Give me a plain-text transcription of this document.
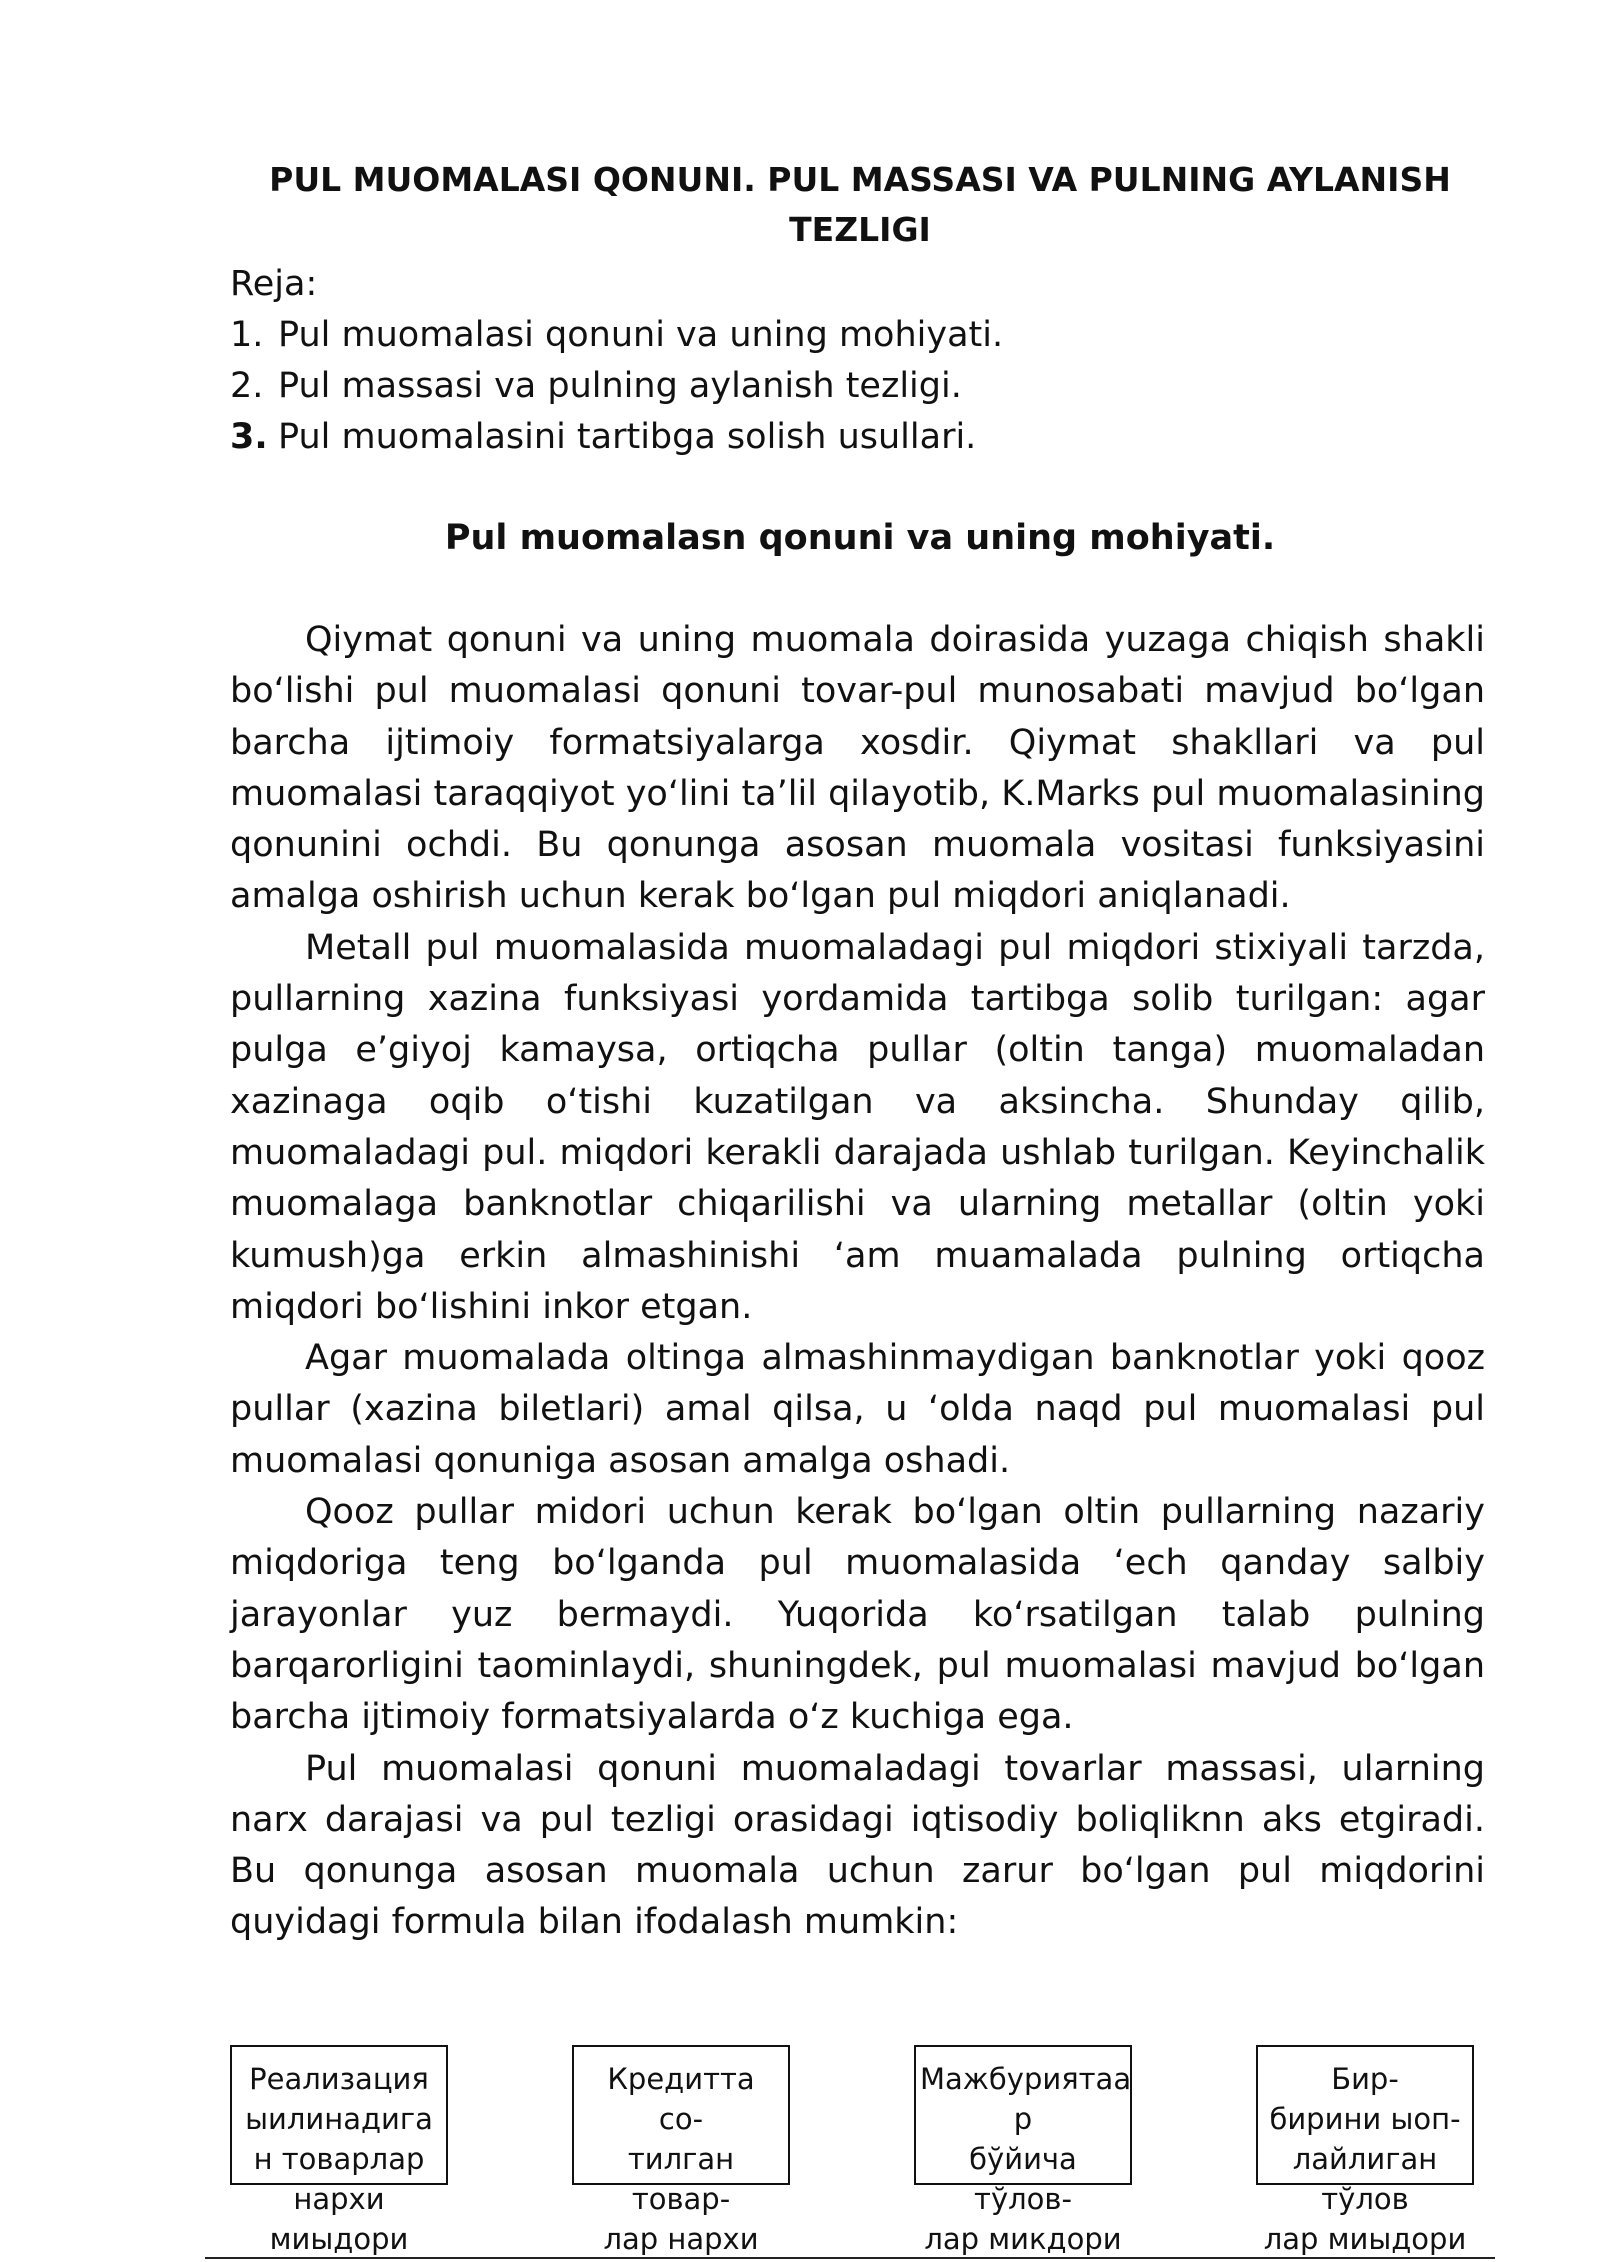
PUL MUOMALASI QONUNI. PUL MASSASI VA PULNING AYLANISH TEZLIGI
Reja:
1. Pul muomalasi qonuni va uning mohiyati.
2. Pul massasi va pulning aylanish tezligi.
3. Pul muomalasini tartibga solish usullari.
Pul muomalasn qonuni va uning mohiyati.

Qiymat qonuni va uning muomala doirasida yuzaga chiqish shakli bo‘lishi pul muomalasi qonuni tovar-pul munosabati mavjud bo‘lgan barcha ijtimoiy formatsiyalarga xosdir. Qiymat shakllari va pul muomalasi taraqqiyot yo‘lini ta’lil qilayotib, K.Marks pul muomalasining qonunini ochdi. Bu qonunga asosan muomala vositasi funksiyasini amalga oshirish uchun kerak bo‘lgan pul miqdori aniqlanadi.

Metall pul muomalasida muomaladagi pul miqdori stixiyali tarzda, pullarning xazina funksiyasi yordamida tartibga solib turilgan: agar pulga e’giyoj kamaysa, ortiqcha pullar (oltin tanga) muomaladan xazinaga oqib o‘tishi kuzatilgan va aksincha. Shunday qilib, muomaladagi pul. miqdori kerakli darajada ushlab turilgan. Keyinchalik muomalaga banknotlar chiqarilishi va ularning metallar (oltin yoki kumush)ga erkin almashinishi ‘am muamalada pulning ortiqcha miqdori bo‘lishini inkor etgan.

Agar muomalada oltinga almashinmaydigan banknotlar yoki qooz pullar (xazina biletlari) amal qilsa, u ‘olda naqd pul muomalasi pul muomalasi qonuniga asosan amalga oshadi.

Qooz pullar midori uchun kerak bo‘lgan oltin pullarning nazariy miqdoriga teng bo‘lganda pul muomalasida ‘ech qanday salbiy jarayonlar yuz bermaydi. Yuqorida ko‘rsatilgan talab pulning barqarorligini taominlaydi, shuningdek, pul muomalasi mavjud bo‘lgan barcha ijtimoiy formatsiyalarda o‘z kuchiga ega.

Pul muomalasi qonuni muomaladagi tovarlar massasi, ularning narx darajasi va pul tezligi orasidagi iqtisodiy boliqliknn aks etgiradi. Bu qonunga asosan muomala uchun zarur bo‘lgan pul miqdorini quyidagi formula bilan ifodalash mumkin:

Реализация
ыилинадига
н товарлар
нархи
миыдори
Кредитта
со-
тилган
товар-
лар нархи
Мажбуриятаа
р
бўйича тўлов-
лар микдори
Бир-
бирини ыоп-
лайлиган
тўлов
лар миыдори
